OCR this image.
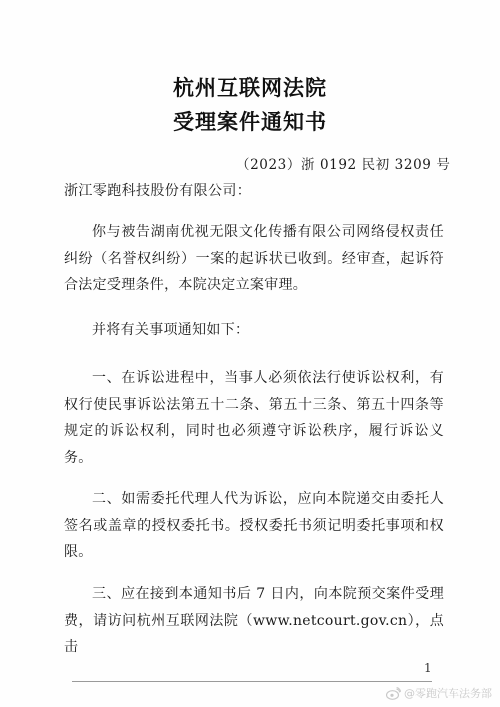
杭州互联网法院
受理案件通知书
（2023）浙 0192 民初 3209 号
浙江零跑科技股份有限公司：

你与被告湖南优视无限文化传播有限公司网络侵权责任纠纷（名誉权纠纷）一案的起诉状已收到。经审查，起诉符合法定受理条件，本院决定立案审理。

并将有关事项通知如下：

一、在诉讼进程中，当事人必须依法行使诉讼权利，有权行使民事诉讼法第五十二条、第五十三条、第五十四条等规定的诉讼权利，同时也必须遵守诉讼秩序，履行诉讼义务。

二、如需委托代理人代为诉讼，应向本院递交由委托人签名或盖章的授权委托书。授权委托书须记明委托事项和权限。

三、应在接到本通知书后 7 日内，向本院预交案件受理费，请访问杭州互联网法院（www.netcourt.gov.cn），点击

1
@零跑汽车法务部
